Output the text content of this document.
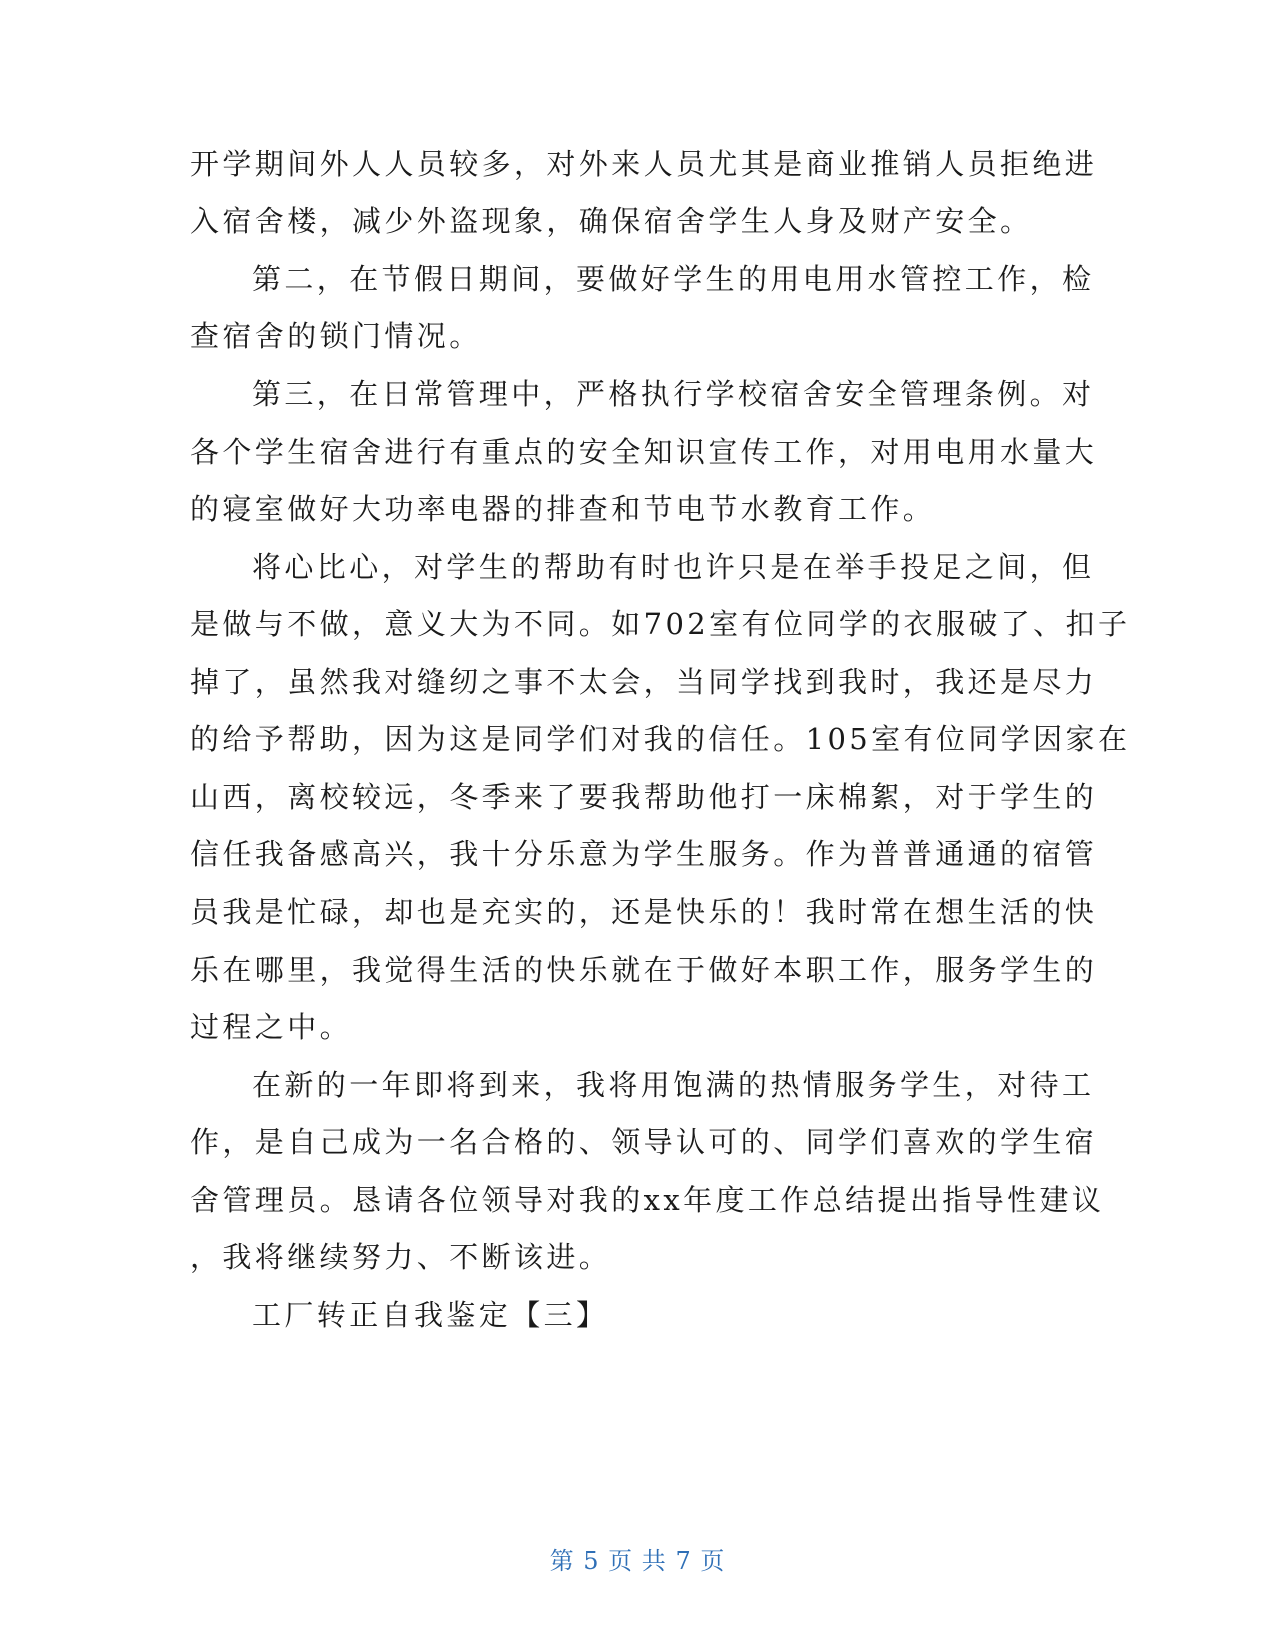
开学期间外人人员较多，对外来人员尤其是商业推销人员拒绝进
入宿舍楼，减少外盗现象，确保宿舍学生人身及财产安全。
第二，在节假日期间，要做好学生的用电用水管控工作，检
查宿舍的锁门情况。
第三，在日常管理中，严格执行学校宿舍安全管理条例。对
各个学生宿舍进行有重点的安全知识宣传工作，对用电用水量大
的寝室做好大功率电器的排查和节电节水教育工作。
将心比心，对学生的帮助有时也许只是在举手投足之间，但
是做与不做，意义大为不同。如702室有位同学的衣服破了、扣子
掉了，虽然我对缝纫之事不太会，当同学找到我时，我还是尽力
的给予帮助，因为这是同学们对我的信任。105室有位同学因家在
山西，离校较远，冬季来了要我帮助他打一床棉絮，对于学生的
信任我备感高兴，我十分乐意为学生服务。作为普普通通的宿管
员我是忙碌，却也是充实的，还是快乐的！我时常在想生活的快
乐在哪里，我觉得生活的快乐就在于做好本职工作，服务学生的
过程之中。
在新的一年即将到来，我将用饱满的热情服务学生，对待工
作，是自己成为一名合格的、领导认可的、同学们喜欢的学生宿
舍管理员。恳请各位领导对我的xx年度工作总结提出指导性建议
，我将继续努力、不断该进。
工厂转正自我鉴定【三】
第 5 页 共 7 页
